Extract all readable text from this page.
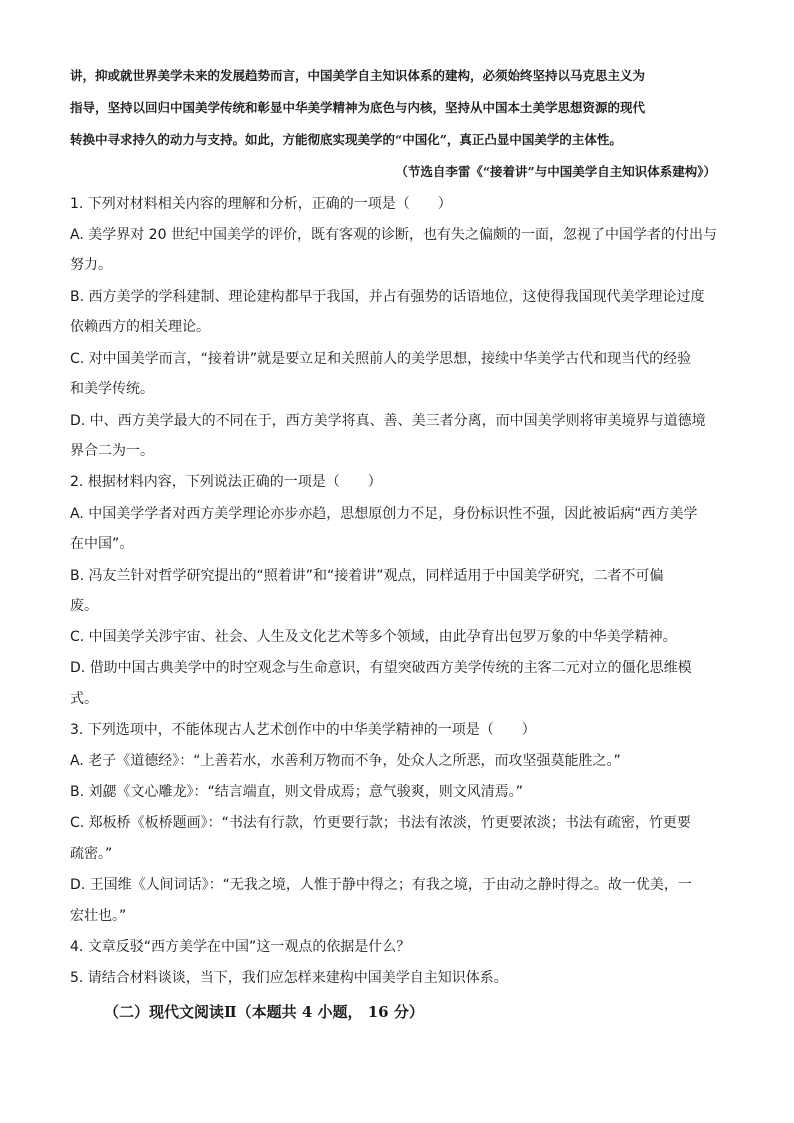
讲，抑或就世界美学未来的发展趋势而言，中国美学自主知识体系的建构，必须始终坚持以马克思主义为
指导，坚持以回归中国美学传统和彰显中华美学精神为底色与内核，坚持从中国本土美学思想资源的现代
转换中寻求持久的动力与支持。如此，方能彻底实现美学的“中国化”，真正凸显中国美学的主体性。
（节选自李雷《“接着讲”与中国美学自主知识体系建构》）
1. 下列对材料相关内容的理解和分析，正确的一项是（　　）
A. 美学界对 20 世纪中国美学的评价，既有客观的诊断，也有失之偏颇的一面，忽视了中国学者的付出与
努力。
B. 西方美学的学科建制、理论建构都早于我国，并占有强势的话语地位，这使得我国现代美学理论过度
依赖西方的相关理论。
C. 对中国美学而言，“接着讲”就是要立足和关照前人的美学思想，接续中华美学古代和现当代的经验
和美学传统。
D. 中、西方美学最大的不同在于，西方美学将真、善、美三者分离，而中国美学则将审美境界与道德境
界合二为一。
2. 根据材料内容，下列说法正确的一项是（　　）
A. 中国美学学者对西方美学理论亦步亦趋，思想原创力不足，身份标识性不强，因此被诟病“西方美学
在中国”。
B. 冯友兰针对哲学研究提出的“照着讲”和“接着讲”观点，同样适用于中国美学研究，二者不可偏
废。
C. 中国美学关涉宇宙、社会、人生及文化艺术等多个领域，由此孕育出包罗万象的中华美学精神。
D. 借助中国古典美学中的时空观念与生命意识，有望突破西方美学传统的主客二元对立的僵化思维模
式。
3. 下列选项中，不能体现古人艺术创作中的中华美学精神的一项是（　　）
A. 老子《道德经》：“上善若水，水善利万物而不争，处众人之所恶，而攻坚强莫能胜之。”
B. 刘勰《文心雕龙》：“结言端直，则文骨成焉；意气骏爽，则文风清焉。”
C. 郑板桥《板桥题画》：“书法有行款，竹更要行款；书法有浓淡，竹更要浓淡；书法有疏密，竹更要
疏密。”
D. 王国维《人间词话》：“无我之境，人惟于静中得之；有我之境，于由动之静时得之。故一优美，一
宏壮也。”
4. 文章反驳“西方美学在中国”这一观点的依据是什么？
5. 请结合材料谈谈，当下，我们应怎样来建构中国美学自主知识体系。
（二）现代文阅读Ⅱ（本题共 4 小题， 16 分）
